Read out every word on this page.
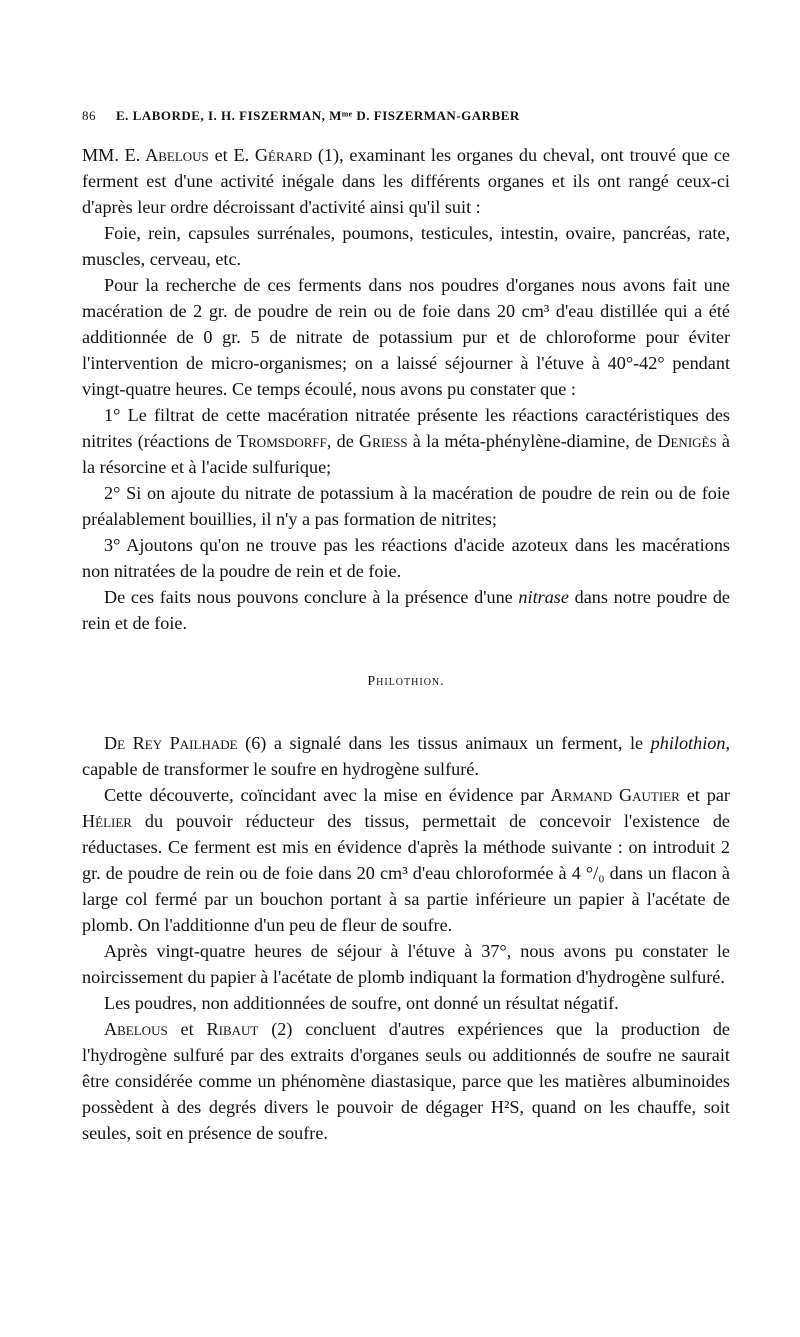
86	E. LABORDE, I. H. FISZERMAN, Mᵐᵉ D. FISZERMAN-GARBER

MM. E. Abelous et E. Gérard (1), examinant les organes du cheval, ont trouvé que ce ferment est d'une activité inégale dans les différents organes et ils ont rangé ceux-ci d'après leur ordre décroissant d'activité ainsi qu'il suit :

Foie, rein, capsules surrénales, poumons, testicules, intestin, ovaire, pancréas, rate, muscles, cerveau, etc.

Pour la recherche de ces ferments dans nos poudres d'organes nous avons fait une macération de 2 gr. de poudre de rein ou de foie dans 20 cm³ d'eau distillée qui a été additionnée de 0 gr. 5 de nitrate de potassium pur et de chloroforme pour éviter l'intervention de micro-organismes; on a laissé séjourner à l'étuve à 40°-42° pendant vingt-quatre heures. Ce temps écoulé, nous avons pu constater que :

1° Le filtrat de cette macération nitratée présente les réactions caractéristiques des nitrites (réactions de Tromsdorff, de Griess à la méta-phénylène-diamine, de Denigès à la résorcine et à l'acide sulfurique;
2° Si on ajoute du nitrate de potassium à la macération de poudre de rein ou de foie préalablement bouillies, il n'y a pas formation de nitrites;
3° Ajoutons qu'on ne trouve pas les réactions d'acide azoteux dans les macérations non nitratées de la poudre de rein et de foie.

De ces faits nous pouvons conclure à la présence d'une nitrase dans notre poudre de rein et de foie.

Philothion.

De Rey Pailhade (6) a signalé dans les tissus animaux un ferment, le philothion, capable de transformer le soufre en hydrogène sulfuré.

Cette découverte, coïncidant avec la mise en évidence par Armand Gautier et par Hélier du pouvoir réducteur des tissus, permettait de concevoir l'existence de réductases. Ce ferment est mis en évidence d'après la méthode suivante : on introduit 2 gr. de poudre de rein ou de foie dans 20 cm³ d'eau chloroformée à 4 °/₀ dans un flacon à large col fermé par un bouchon portant à sa partie inférieure un papier à l'acétate de plomb. On l'additionne d'un peu de fleur de soufre.

Après vingt-quatre heures de séjour à l'étuve à 37°, nous avons pu constater le noircissement du papier à l'acétate de plomb indiquant la formation d'hydrogène sulfuré.

Les poudres, non additionnées de soufre, ont donné un résultat négatif.

Abelous et Ribaut (2) concluent d'autres expériences que la production de l'hydrogène sulfuré par des extraits d'organes seuls ou additionnés de soufre ne saurait être considérée comme un phénomène diastasique, parce que les matières albuminoides possèdent à des degrés divers le pouvoir de dégager H²S, quand on les chauffe, soit seules, soit en présence de soufre.
